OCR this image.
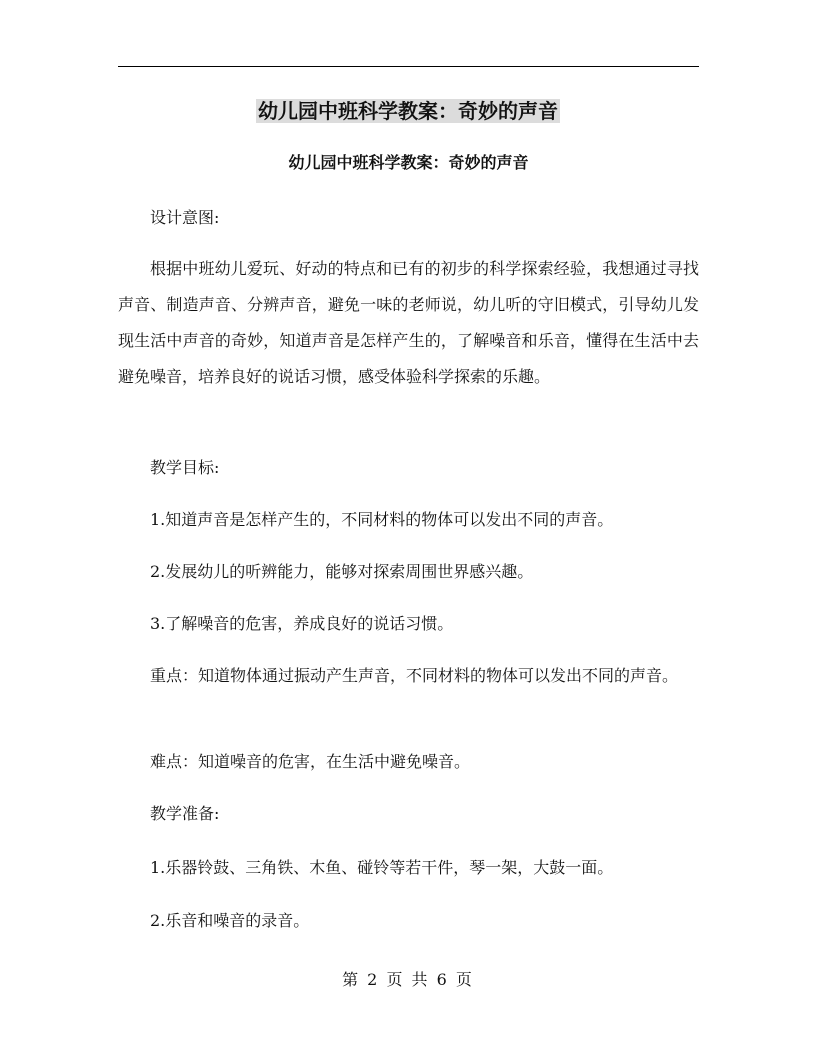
幼儿园中班科学教案：奇妙的声音
幼儿园中班科学教案：奇妙的声音

设计意图:

根据中班幼儿爱玩、好动的特点和已有的初步的科学探索经验，我想通过寻找声音、制造声音、分辨声音，避免一味的老师说，幼儿听的守旧模式，引导幼儿发现生活中声音的奇妙，知道声音是怎样产生的，了解噪音和乐音，懂得在生活中去避免噪音，培养良好的说话习惯，感受体验科学探索的乐趣。

教学目标:

1.知道声音是怎样产生的，不同材料的物体可以发出不同的声音。

2.发展幼儿的听辨能力，能够对探索周围世界感兴趣。

3.了解噪音的危害，养成良好的说话习惯。

重点：知道物体通过振动产生声音，不同材料的物体可以发出不同的声音。

难点：知道噪音的危害，在生活中避免噪音。

教学准备:

1.乐器铃鼓、三角铁、木鱼、碰铃等若干件，琴一架，大鼓一面。

2.乐音和噪音的录音。

第 2 页 共 6 页
